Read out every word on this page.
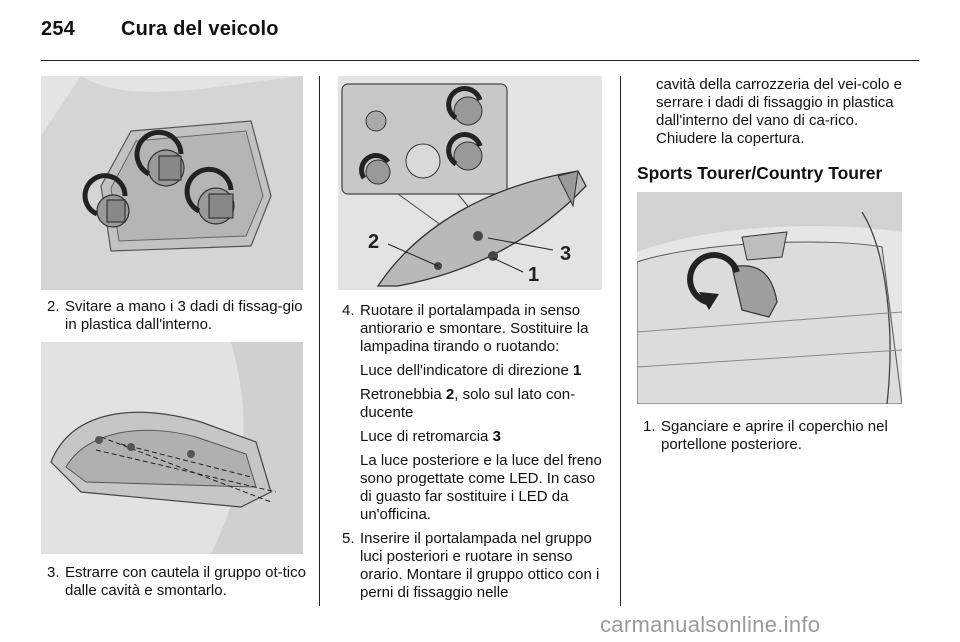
254 Cura del veicolo
2. Svitare a mano i 3 dadi di fissag-gio in plastica dall'interno.
3. Estrarre con cautela il gruppo ot-tico dalle cavità e smontarlo.
2
3
1
4. Ruotare il portalampada in senso antiorario e smontare. Sostituire la lampadina tirando o ruotando:
Luce dell'indicatore di direzione 1
Retronebbia 2, solo sul lato con-ducente
Luce di retromarcia 3
La luce posteriore e la luce del freno sono progettate come LED. In caso di guasto far sostituire i LED da un'officina.
5. Inserire il portalampada nel gruppo luci posteriori e ruotare in senso orario. Montare il gruppo ottico con i perni di fissaggio nelle
cavità della carrozzeria del vei-colo e serrare i dadi di fissaggio in plastica dall'interno del vano di ca-rico. Chiudere la copertura.
Sports Tourer/Country Tourer
1. Sganciare e aprire il coperchio nel portellone posteriore.
carmanualsonline.info
